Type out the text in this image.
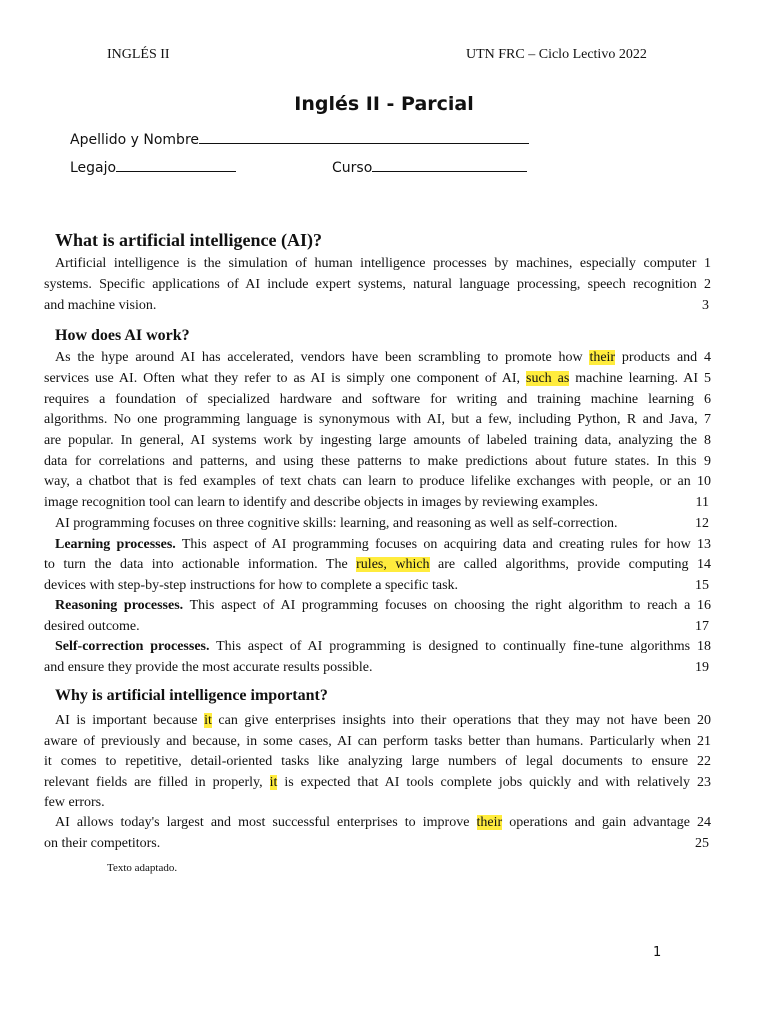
INGLÉS II	UTN FRC – Ciclo Lectivo 2022
Inglés II - Parcial
Apellido y Nombre
Legajo	Curso
What is artificial intelligence (AI)?
How does AI work?
Why is artificial intelligence important?
Artificial intelligence is the simulation of human intelligence processes by machines, especially computer 1
systems. Specific applications of AI include expert systems, natural language processing, speech recognition 2
and machine vision.	3
As the hype around AI has accelerated, vendors have been scrambling to promote how their products and 4
services use AI. Often what they refer to as AI is simply one component of AI, such as machine learning. AI 5
requires a foundation of specialized hardware and software for writing and training machine learning 6
algorithms. No one programming language is synonymous with AI, but a few, including Python, R and Java, 7
are popular. In general, AI systems work by ingesting large amounts of labeled training data, analyzing the 8
data for correlations and patterns, and using these patterns to make predictions about future states. In this 9
way, a chatbot that is fed examples of text chats can learn to produce lifelike exchanges with people, or an 10
image recognition tool can learn to identify and describe objects in images by reviewing examples.	11
AI programming focuses on three cognitive skills: learning, and reasoning as well as self-correction.	12
Learning processes. This aspect of AI programming focuses on acquiring data and creating rules for how 13
to turn the data into actionable information. The rules, which are called algorithms, provide computing 14
devices with step-by-step instructions for how to complete a specific task.	15
Reasoning processes. This aspect of AI programming focuses on choosing the right algorithm to reach a 16
desired outcome.	17
Self-correction processes. This aspect of AI programming is designed to continually fine-tune algorithms 18
and ensure they provide the most accurate results possible.	19
AI is important because it can give enterprises insights into their operations that they may not have been 20
aware of previously and because, in some cases, AI can perform tasks better than humans. Particularly when 21
it comes to repetitive, detail-oriented tasks like analyzing large numbers of legal documents to ensure 22
relevant fields are filled in properly, it is expected that AI tools complete jobs quickly and with relatively 23
few errors.
AI allows today's largest and most successful enterprises to improve their operations and gain advantage 24
on their competitors.	25
Texto adaptado.
1
